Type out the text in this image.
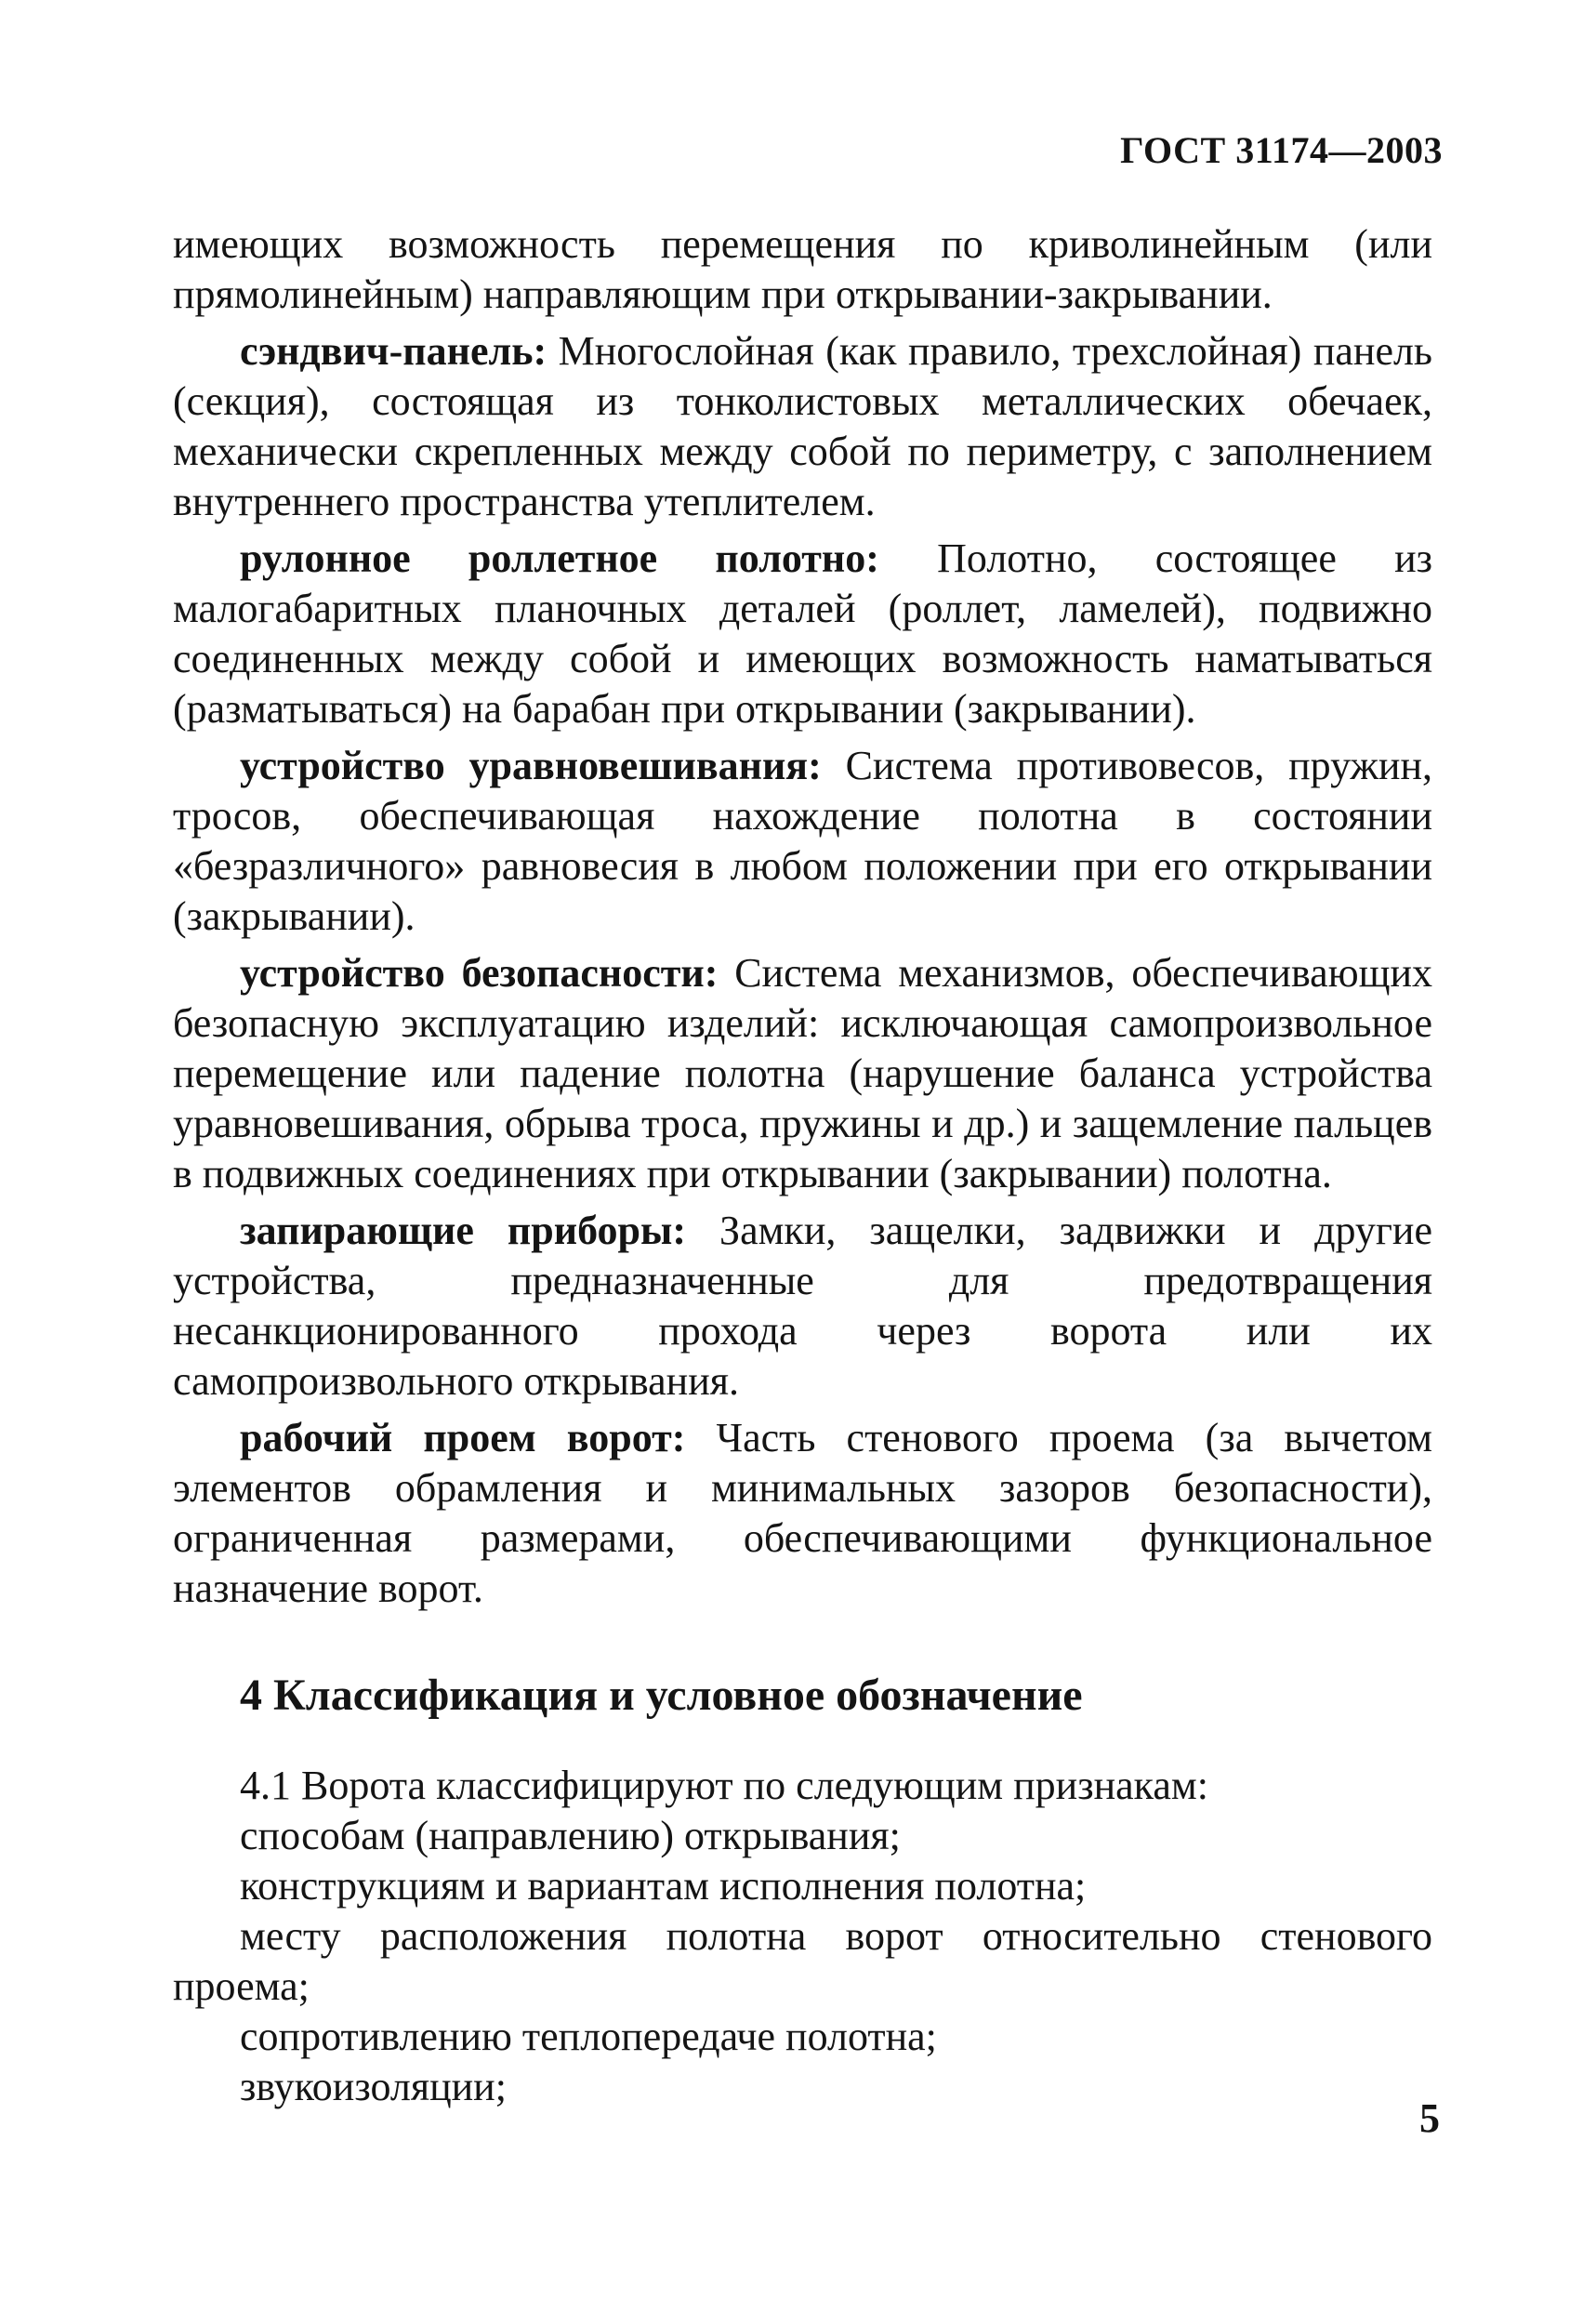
ГОСТ 31174—2003

имеющих возможность перемещения по криволинейным (или прямолинейным) направляющим при открывании-закрывании.

сэндвич-панель: Многослойная (как правило, трехслойная) панель (секция), состоящая из тонколистовых металлических обечаек, механически скрепленных между собой по периметру, с заполнением внутреннего пространства утеплителем.

рулонное роллетное полотно: Полотно, состоящее из малогабаритных планочных деталей (роллет, ламелей), подвижно соединенных между собой и имеющих возможность наматываться (разматываться) на барабан при открывании (закрывании).

устройство уравновешивания: Система противовесов, пружин, тросов, обеспечивающая нахождение полотна в состоянии «безразличного» равновесия в любом положении при его открывании (закрывании).

устройство безопасности: Система механизмов, обеспечивающих безопасную эксплуатацию изделий: исключающая самопроизвольное перемещение или падение полотна (нарушение баланса устройства уравновешивания, обрыва троса, пружины и др.) и защемление пальцев в подвижных соединениях при открывании (закрывании) полотна.

запирающие приборы: Замки, защелки, задвижки и другие устройства, предназначенные для предотвращения несанкционированного прохода через ворота или их самопроизвольного открывания.

рабочий проем ворот: Часть стенового проема (за вычетом элементов обрамления и минимальных зазоров безопасности), ограниченная размерами, обеспечивающими функциональное назначение ворот.

4 Классификация и условное обозначение

4.1 Ворота классифицируют по следующим признакам:

способам (направлению) открывания;

конструкциям и вариантам исполнения полотна;

месту расположения полотна ворот относительно стенового проема;

сопротивлению теплопередаче полотна;

звукоизоляции;

5
